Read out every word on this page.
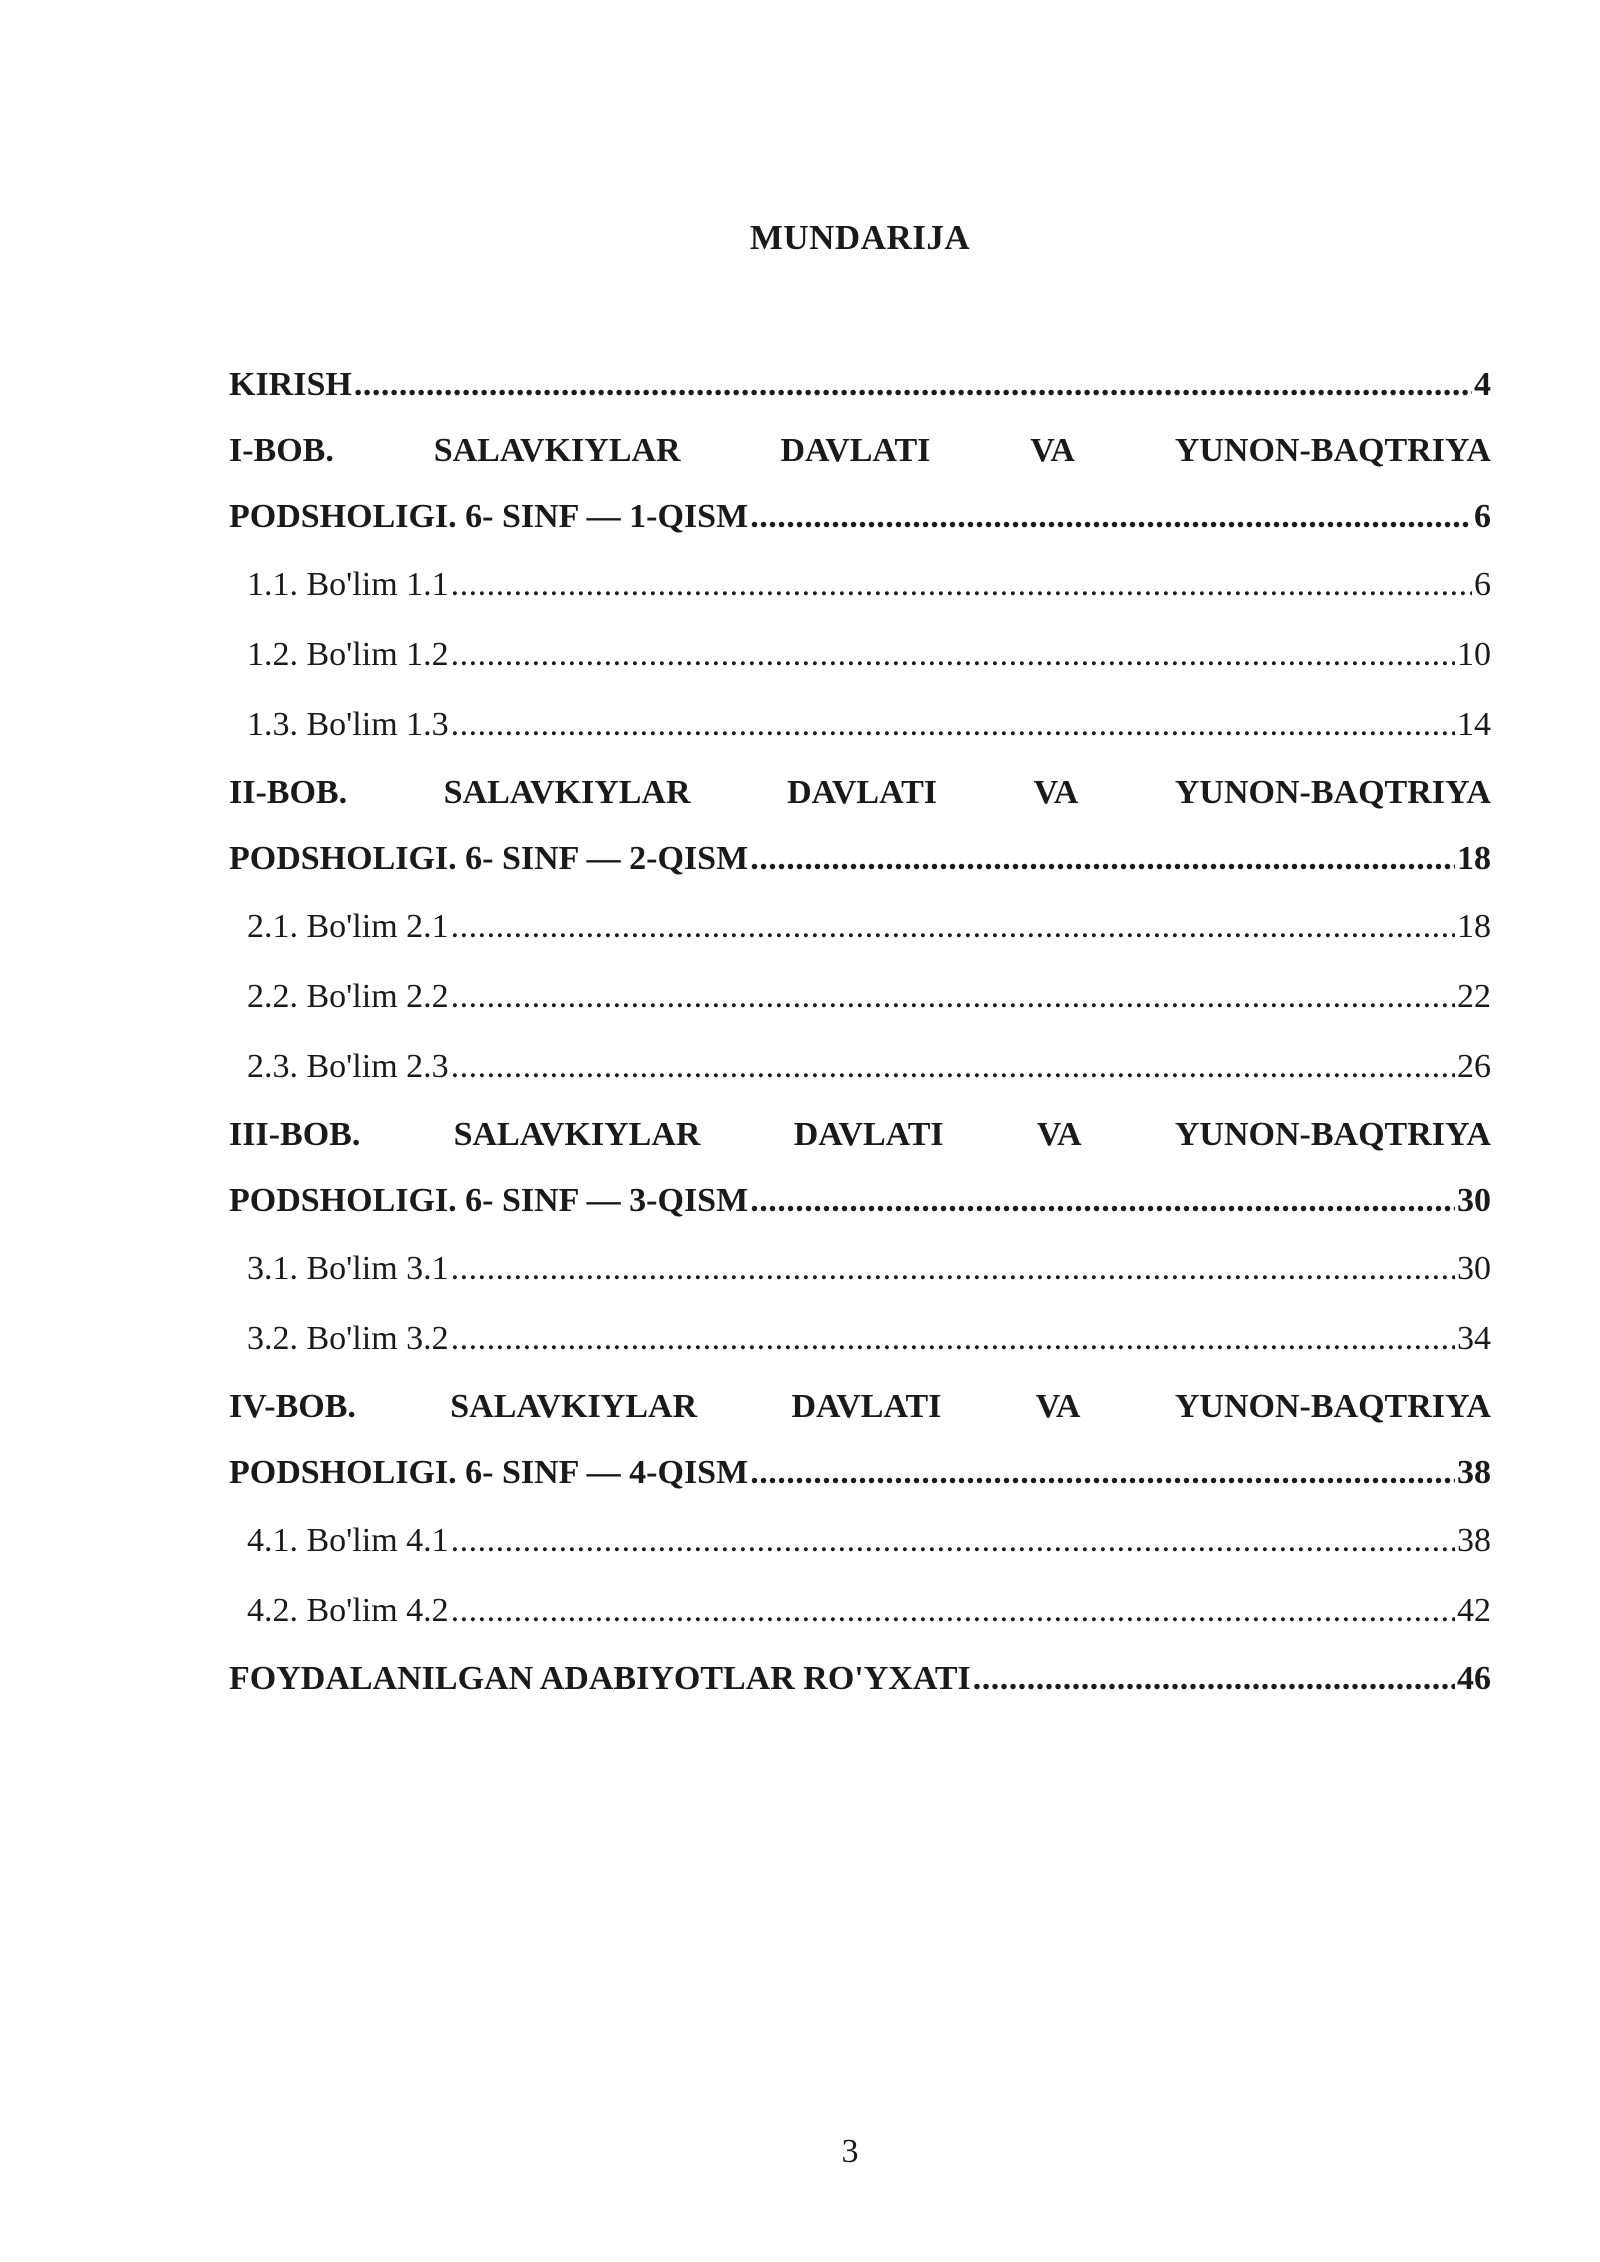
MUNDARIJA
KIRISH .....	4
I-BOB.	SALAVKIYLAR	DAVLATI	VA	YUNON-BAQTRIYA
PODSHOLIGI. 6- SINF — 1-QISM .....	6
1.1. Bo'lim 1.1 .....	6
1.2. Bo'lim 1.2 .....	10
1.3. Bo'lim 1.3 .....	14
II-BOB.	SALAVKIYLAR	DAVLATI	VA	YUNON-BAQTRIYA
PODSHOLIGI. 6- SINF — 2-QISM .....	18
2.1. Bo'lim 2.1 .....	18
2.2. Bo'lim 2.2 .....	22
2.3. Bo'lim 2.3 .....	26
III-BOB.	SALAVKIYLAR	DAVLATI	VA	YUNON-BAQTRIYA
PODSHOLIGI. 6- SINF — 3-QISM .....	30
3.1. Bo'lim 3.1 .....	30
3.2. Bo'lim 3.2 .....	34
IV-BOB.	SALAVKIYLAR	DAVLATI	VA	YUNON-BAQTRIYA
PODSHOLIGI. 6- SINF — 4-QISM .....	38
4.1. Bo'lim 4.1 .....	38
4.2. Bo'lim 4.2 .....	42
FOYDALANILGAN ADABIYOTLAR RO'YXATI .....	46
3
